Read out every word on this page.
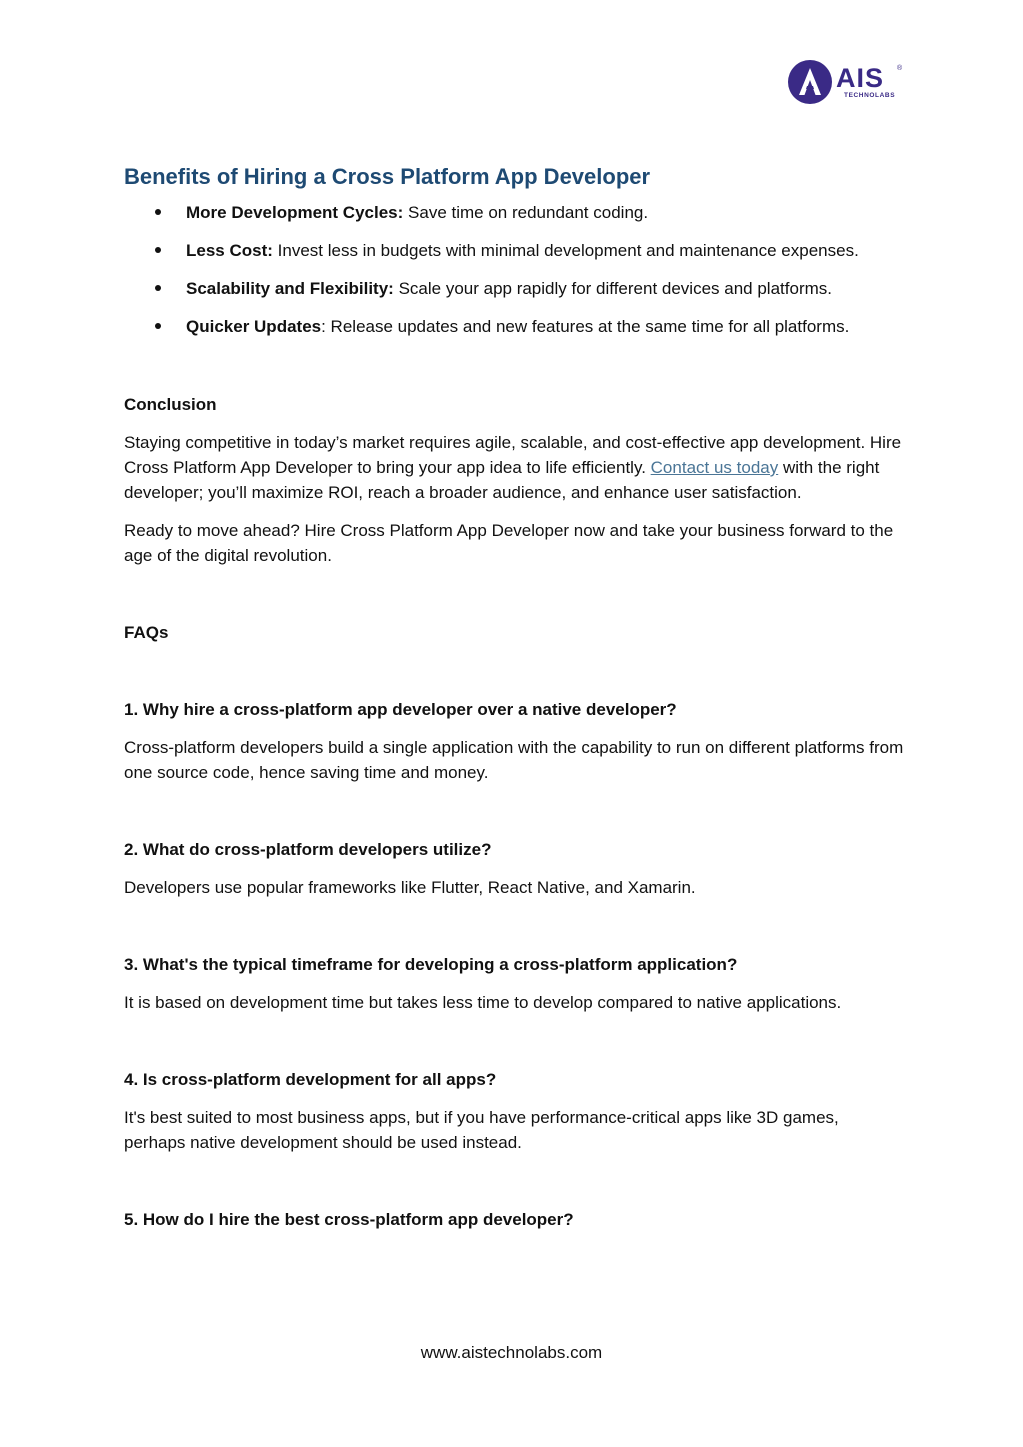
AIS ®
TECHNOLABS
Benefits of Hiring a Cross Platform App Developer
More Development Cycles: Save time on redundant coding.
Less Cost: Invest less in budgets with minimal development and maintenance expenses.
Scalability and Flexibility: Scale your app rapidly for different devices and platforms.
Quicker Updates: Release updates and new features at the same time for all platforms.
Conclusion

Staying competitive in today’s market requires agile, scalable, and cost-effective app development. Hire Cross Platform App Developer to bring your app idea to life efficiently. Contact us today with the right developer; you’ll maximize ROI, reach a broader audience, and enhance user satisfaction.

Ready to move ahead? Hire Cross Platform App Developer now and take your business forward to the age of the digital revolution.

FAQs
1. Why hire a cross-platform app developer over a native developer?

Cross-platform developers build a single application with the capability to run on different platforms from one source code, hence saving time and money.

2. What do cross-platform developers utilize?

Developers use popular frameworks like Flutter, React Native, and Xamarin.

3. What's the typical timeframe for developing a cross-platform application?

It is based on development time but takes less time to develop compared to native applications.

4. Is cross-platform development for all apps?

It's best suited to most business apps, but if you have performance-critical apps like 3D games, perhaps native development should be used instead.

5. How do I hire the best cross-platform app developer?
www.aistechnolabs.com
